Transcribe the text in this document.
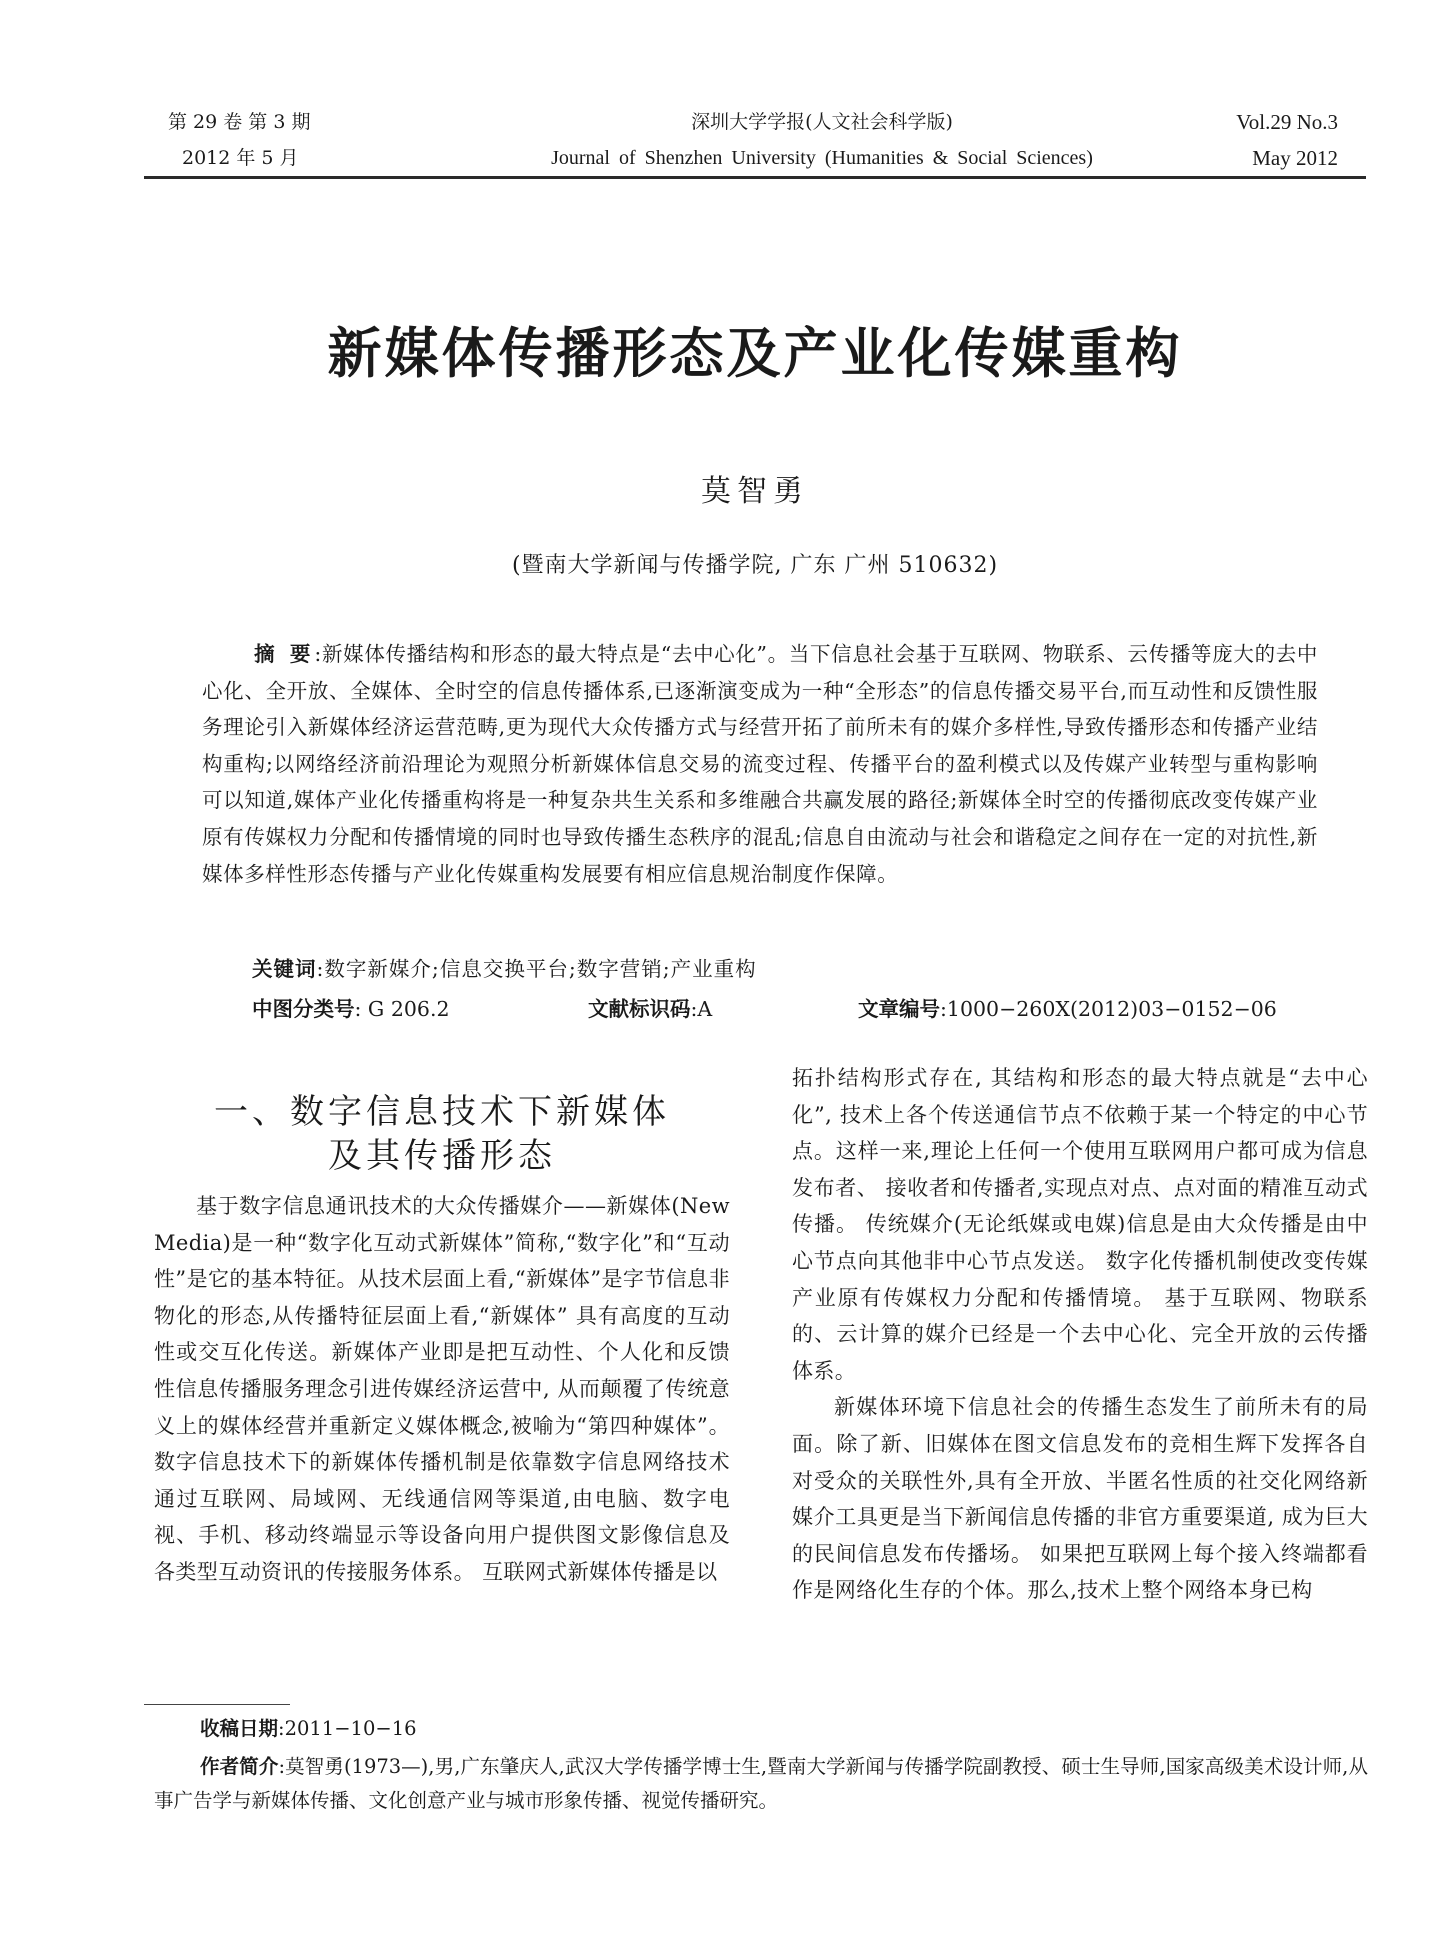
第 29 卷 第 3 期
2012 年 5 月
深圳大学学报(人文社会科学版)
Journal of Shenzhen University (Humanities & Social Sciences)
Vol.29 No.3
May 2012
新媒体传播形态及产业化传媒重构
莫智勇
(暨南大学新闻与传播学院, 广东 广州 510632)
摘 要:新媒体传播结构和形态的最大特点是“去中心化”。当下信息社会基于互联网、物联系、云传播等庞大的去中心化、全开放、全媒体、全时空的信息传播体系,已逐渐演变成为一种“全形态”的信息传播交易平台,而互动性和反馈性服务理论引入新媒体经济运营范畴,更为现代大众传播方式与经营开拓了前所未有的媒介多样性,导致传播形态和传播产业结构重构;以网络经济前沿理论为观照分析新媒体信息交易的流变过程、传播平台的盈利模式以及传媒产业转型与重构影响可以知道,媒体产业化传播重构将是一种复杂共生关系和多维融合共赢发展的路径;新媒体全时空的传播彻底改变传媒产业原有传媒权力分配和传播情境的同时也导致传播生态秩序的混乱;信息自由流动与社会和谐稳定之间存在一定的对抗性,新媒体多样性形态传播与产业化传媒重构发展要有相应信息规治制度作保障。
关键词:数字新媒介;信息交换平台;数字营销;产业重构
中图分类号: G 206.2	文献标识码:A	文章编号:1000−260X(2012)03−0152−06
一、数字信息技术下新媒体
及其传播形态

基于数字信息通讯技术的大众传播媒介——新媒体(New Media)是一种“数字化互动式新媒体”简称,“数字化”和“互动性”是它的基本特征。从技术层面上看,“新媒体”是字节信息非物化的形态,从传播特征层面上看,“新媒体” 具有高度的互动性或交互化传送。新媒体产业即是把互动性、个人化和反馈性信息传播服务理念引进传媒经济运营中, 从而颠覆了传统意义上的媒体经营并重新定义媒体概念,被喻为“第四种媒体”。数字信息技术下的新媒体传播机制是依靠数字信息网络技术通过互联网、局域网、无线通信网等渠道,由电脑、数字电视、手机、移动终端显示等设备向用户提供图文影像信息及各类型互动资讯的传接服务体系。 互联网式新媒体传播是以

拓扑结构形式存在, 其结构和形态的最大特点就是“去中心化”, 技术上各个传送通信节点不依赖于某一个特定的中心节点。这样一来,理论上任何一个使用互联网用户都可成为信息发布者、 接收者和传播者,实现点对点、点对面的精准互动式传播。 传统媒介(无论纸媒或电媒)信息是由大众传播是由中心节点向其他非中心节点发送。 数字化传播机制使改变传媒产业原有传媒权力分配和传播情境。 基于互联网、物联系的、云计算的媒介已经是一个去中心化、完全开放的云传播体系。

新媒体环境下信息社会的传播生态发生了前所未有的局面。除了新、旧媒体在图文信息发布的竞相生辉下发挥各自对受众的关联性外,具有全开放、半匿名性质的社交化网络新媒介工具更是当下新闻信息传播的非官方重要渠道, 成为巨大的民间信息发布传播场。 如果把互联网上每个接入终端都看作是网络化生存的个体。那么,技术上整个网络本身已构

收稿日期:2011−10−16
作者简介:莫智勇(1973—),男,广东肇庆人,武汉大学传播学博士生,暨南大学新闻与传播学院副教授、硕士生导师,国家高级美术设计师,从事广告学与新媒体传播、文化创意产业与城市形象传播、视觉传播研究。
